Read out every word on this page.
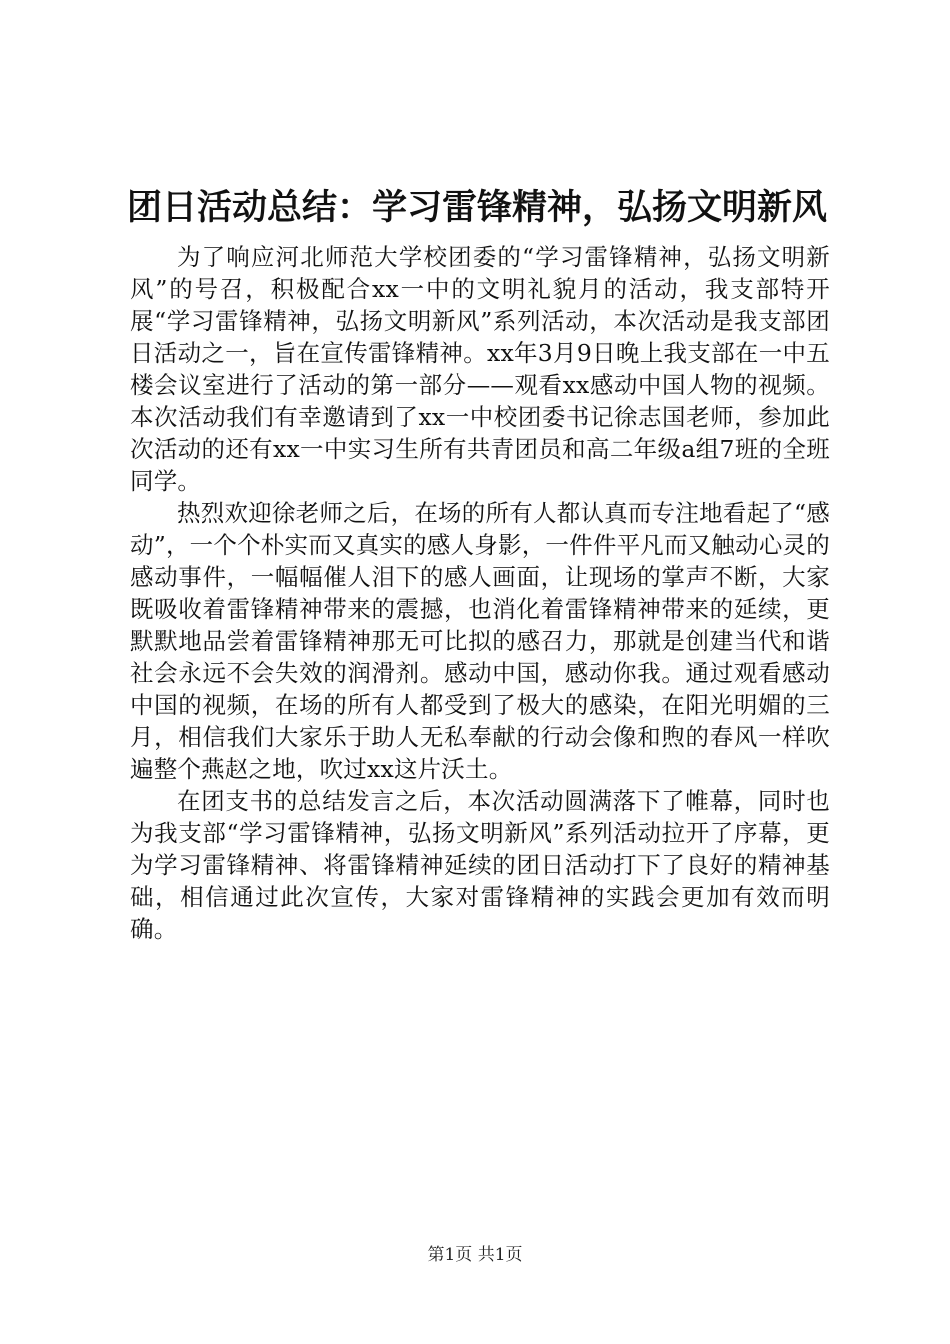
团日活动总结：学习雷锋精神，弘扬文明新风

为了响应河北师范大学校团委的“学习雷锋精神，弘扬文明新风”的号召，积极配合xx一中的文明礼貌月的活动，我支部特开展“学习雷锋精神，弘扬文明新风”系列活动，本次活动是我支部团日活动之一，旨在宣传雷锋精神。xx年3月9日晚上我支部在一中五楼会议室进行了活动的第一部分——观看xx感动中国人物的视频。本次活动我们有幸邀请到了xx一中校团委书记徐志国老师，参加此次活动的还有xx一中实习生所有共青团员和高二年级a组7班的全班同学。

热烈欢迎徐老师之后，在场的所有人都认真而专注地看起了“感动”，一个个朴实而又真实的感人身影，一件件平凡而又触动心灵的感动事件，一幅幅催人泪下的感人画面，让现场的掌声不断，大家既吸收着雷锋精神带来的震撼，也消化着雷锋精神带来的延续，更默默地品尝着雷锋精神那无可比拟的感召力，那就是创建当代和谐社会永远不会失效的润滑剂。感动中国，感动你我。通过观看感动中国的视频，在场的所有人都受到了极大的感染，在阳光明媚的三月，相信我们大家乐于助人无私奉献的行动会像和煦的春风一样吹遍整个燕赵之地，吹过xx这片沃土。

在团支书的总结发言之后，本次活动圆满落下了帷幕，同时也为我支部“学习雷锋精神，弘扬文明新风”系列活动拉开了序幕，更为学习雷锋精神、将雷锋精神延续的团日活动打下了良好的精神基础，相信通过此次宣传，大家对雷锋精神的实践会更加有效而明确。

第1页 共1页
